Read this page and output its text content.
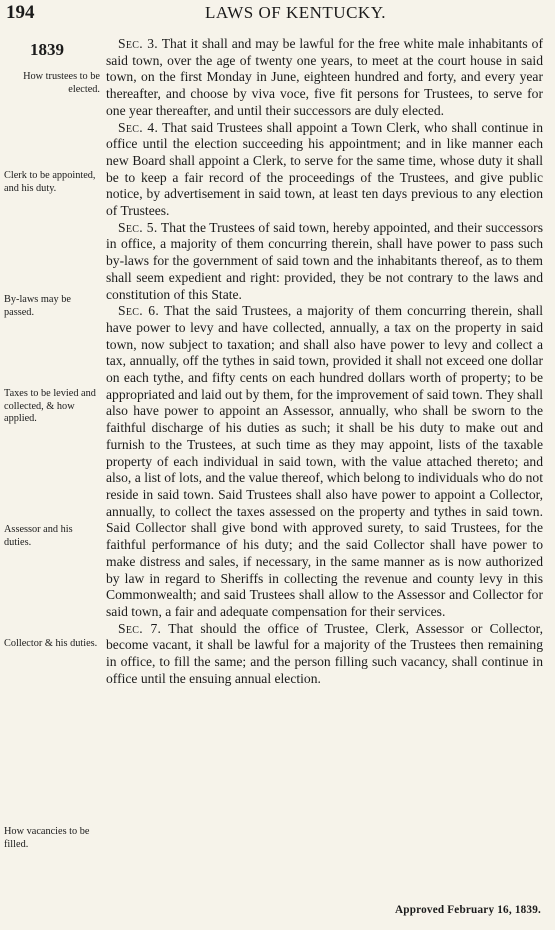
194	LAWS OF KENTUCKY.
1839
How trustees to be elected.
Clerk to be appointed, and his duty.
By-laws may be passed.
Taxes to be levied and collected, & how applied.
Assessor and his duties.
Collector & his duties.
How vacancies to be filled.

Sec. 3. That it shall and may be lawful for the free white male inhabitants of said town, over the age of twenty one years, to meet at the court house in said town, on the first Monday in June, eighteen hundred and forty, and every year thereafter, and choose by viva voce, five fit persons for Trustees, to serve for one year thereafter, and until their successors are duly elected.

Sec. 4. That said Trustees shall appoint a Town Clerk, who shall continue in office until the election succeeding his appointment; and in like manner each new Board shall appoint a Clerk, to serve for the same time, whose duty it shall be to keep a fair record of the proceedings of the Trustees, and give public notice, by advertisement in said town, at least ten days previous to any election of Trustees.

Sec. 5. That the Trustees of said town, hereby appointed, and their successors in office, a majority of them concurring therein, shall have power to pass such by-laws for the government of said town and the inhabitants thereof, as to them shall seem expedient and right: provided, they be not contrary to the laws and constitution of this State.

Sec. 6. That the said Trustees, a majority of them concurring therein, shall have power to levy and have collected, annually, a tax on the property in said town, now subject to taxation; and shall also have power to levy and collect a tax, annually, off the tythes in said town, provided it shall not exceed one dollar on each tythe, and fifty cents on each hundred dollars worth of property; to be appropriated and laid out by them, for the improvement of said town. They shall also have power to appoint an Assessor, annually, who shall be sworn to the faithful discharge of his duties as such; it shall be his duty to make out and furnish to the Trustees, at such time as they may appoint, lists of the taxable property of each individual in said town, with the value attached thereto; and also, a list of lots, and the value thereof, which belong to individuals who do not reside in said town. Said Trustees shall also have power to appoint a Collector, annually, to collect the taxes assessed on the property and tythes in said town. Said Collector shall give bond with approved surety, to said Trustees, for the faithful performance of his duty; and the said Collector shall have power to make distress and sales, if necessary, in the same manner as is now authorized by law in regard to Sheriffs in collecting the revenue and county levy in this Commonwealth; and said Trustees shall allow to the Assessor and Collector for said town, a fair and adequate compensation for their services.

Sec. 7. That should the office of Trustee, Clerk, Assessor or Collector, become vacant, it shall be lawful for a majority of the Trustees then remaining in office, to fill the same; and the person filling such vacancy, shall continue in office until the ensuing annual election.

Approved February 16, 1839.
